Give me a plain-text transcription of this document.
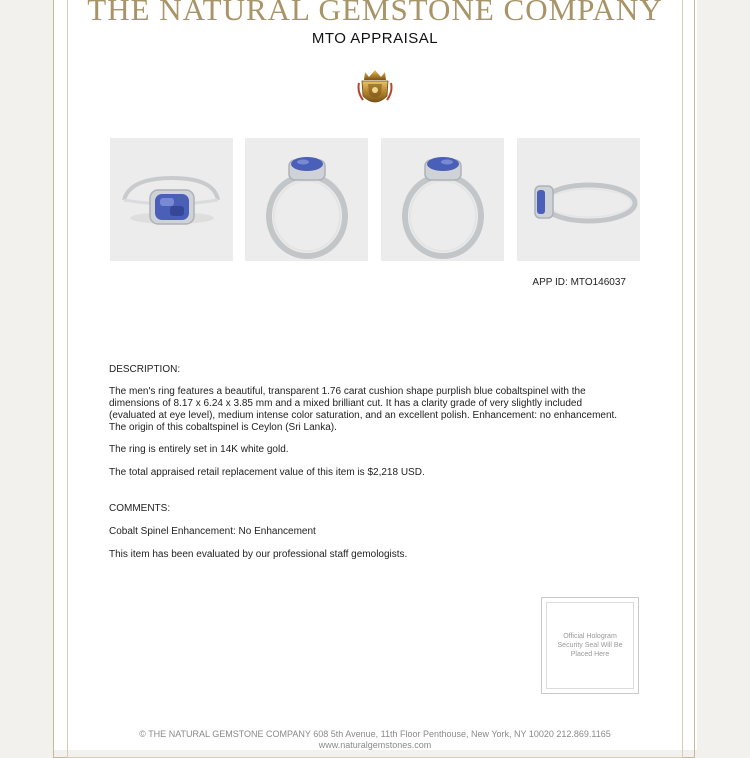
THE NATURAL GEMSTONE COMPANY
MTO APPRAISAL
APP ID: MTO146037
DESCRIPTION:
The men's ring features a beautiful, transparent 1.76 carat cushion shape purplish blue cobaltspinel with the dimensions of 8.17 x 6.24 x 3.85 mm and a mixed brilliant cut. It has a clarity grade of very slightly included (evaluated at eye level), medium intense color saturation, and an excellent polish. Enhancement: no enhancement. The origin of this cobaltspinel is Ceylon (Sri Lanka).
The ring is entirely set in 14K white gold.
The total appraised retail replacement value of this item is $2,218 USD.
COMMENTS:
Cobalt Spinel Enhancement: No Enhancement
This item has been evaluated by our professional staff gemologists.
Official Hologram Security Seal Will Be Placed Here
© THE NATURAL GEMSTONE COMPANY 608 5th Avenue, 11th Floor Penthouse, New York, NY 10020 212.869.1165
www.naturalgemstones.com
